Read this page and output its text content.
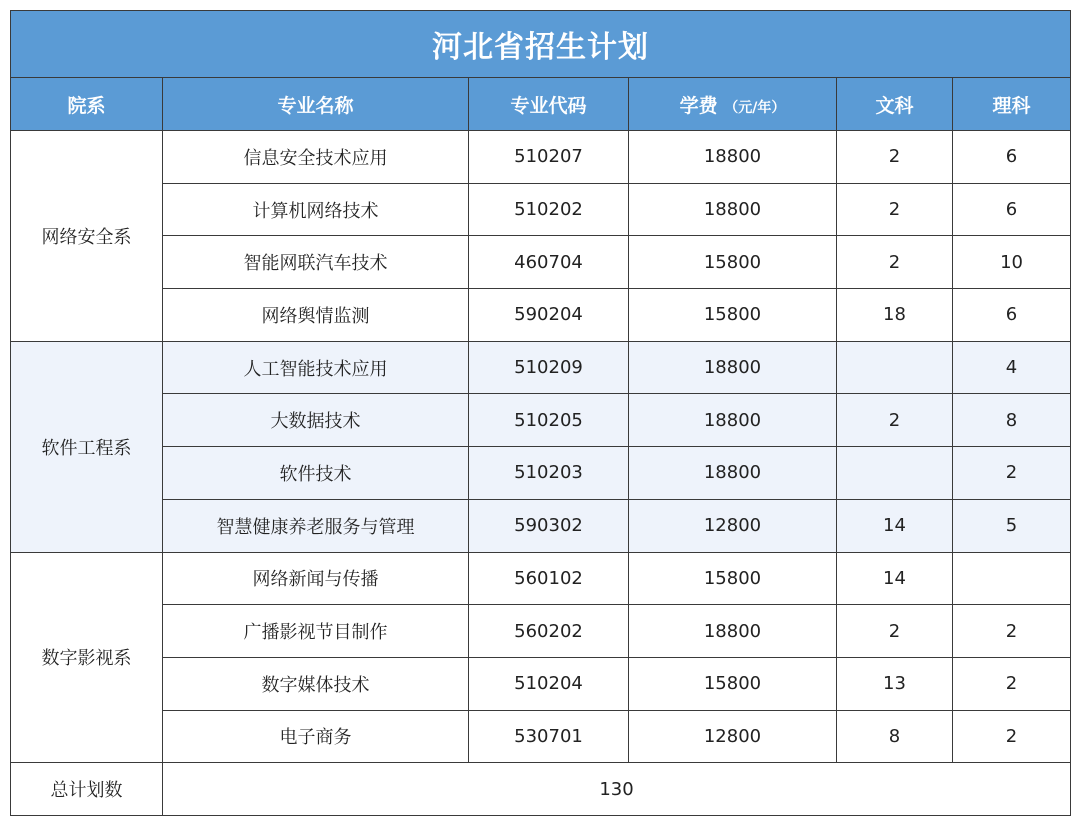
河北省招生计划					
院系	专业名称	专业代码	学费 （元/年）	文科	理科
网络安全系	信息安全技术应用	510207	18800	2	6
	计算机网络技术	510202	18800	2	6
	智能网联汽车技术	460704	15800	2	10
	网络舆情监测	590204	15800	18	6
软件工程系	人工智能技术应用	510209	18800		4
	大数据技术	510205	18800	2	8
	软件技术	510203	18800		2
	智慧健康养老服务与管理	590302	12800	14	5
数字影视系	网络新闻与传播	560102	15800	14	
	广播影视节目制作	560202	18800	2	2
	数字媒体技术	510204	15800	13	2
	电子商务	530701	12800	8	2
总计划数	130				
